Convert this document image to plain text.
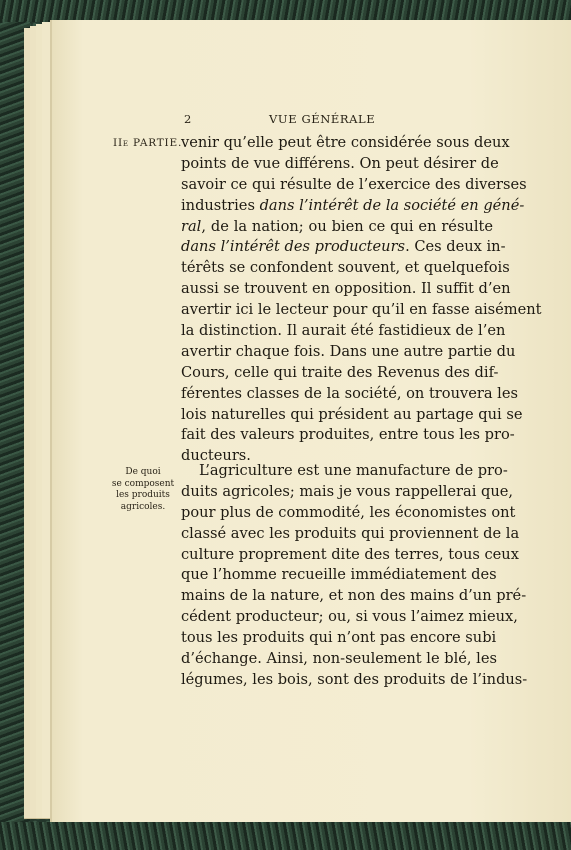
2	VUE GÉNÉRALE
IIe PARTIE.
De quoi
se composent
les produits
agricoles.
venir qu’elle peut être considérée sous deux
points de vue différens. On peut désirer de
savoir ce qui résulte de l’exercice des diverses
industries dans l’intérêt de la société en géné-
ral, de la nation; ou bien ce qui en résulte
dans l’intérêt des producteurs. Ces deux in-
térêts se confondent souvent, et quelquefois
aussi se trouvent en opposition. Il suffit d’en
avertir ici le lecteur pour qu’il en fasse aisément
la distinction. Il aurait été fastidieux de l’en
avertir chaque fois. Dans une autre partie du
Cours, celle qui traite des Revenus des dif-
férentes classes de la société, on trouvera les
lois naturelles qui président au partage qui se
fait des valeurs produites, entre tous les pro-
ducteurs.
L’agriculture est une manufacture de pro-
duits agricoles; mais je vous rappellerai que,
pour plus de commodité, les économistes ont
classé avec les produits qui proviennent de la
culture proprement dite des terres, tous ceux
que l’homme recueille immédiatement des
mains de la nature, et non des mains d’un pré-
cédent producteur; ou, si vous l’aimez mieux,
tous les produits qui n’ont pas encore subi
d’échange. Ainsi, non-seulement le blé, les
légumes, les bois, sont des produits de l’indus-
